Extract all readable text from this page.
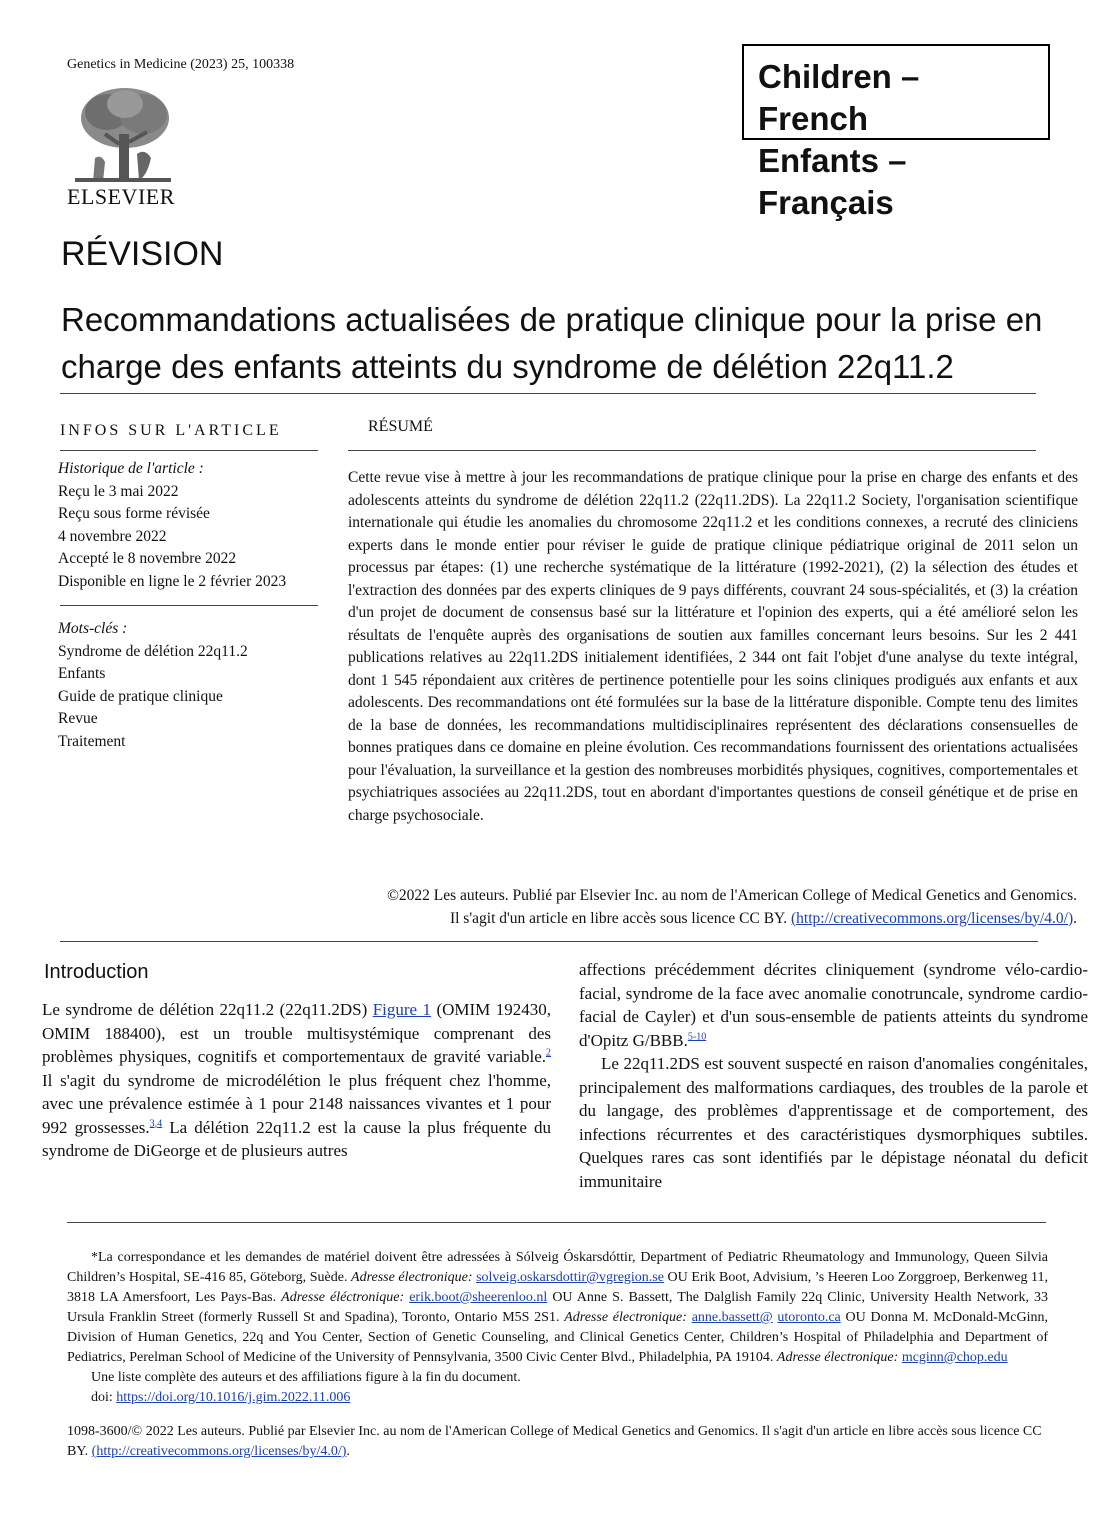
Genetics in Medicine (2023) 25, 100338
ELSEVIER
Children – French
Enfants – Français
RÉVISION
Recommandations actualisées de pratique clinique pour la prise en charge des enfants atteints du syndrome de délétion 22q11.2
INFOS SUR L'ARTICLE	RÉSUMÉ
Historique de l'article :
Reçu le 3 mai 2022
Reçu sous forme révisée
4 novembre 2022
Accepté le 8 novembre 2022
Disponible en ligne le 2 février 2023
Mots-clés :
Syndrome de délétion 22q11.2
Enfants
Guide de pratique clinique
Revue
Traitement
Cette revue vise à mettre à jour les recommandations de pratique clinique pour la prise en charge des enfants et des adolescents atteints du syndrome de délétion 22q11.2 (22q11.2DS). La 22q11.2 Society, l'organisation scientifique internationale qui étudie les anomalies du chromosome 22q11.2 et les conditions connexes, a recruté des cliniciens experts dans le monde entier pour réviser le guide de pratique clinique pédiatrique original de 2011 selon un processus par étapes: (1) une recherche systématique de la littérature (1992-2021), (2) la sélection des études et l'extraction des données par des experts cliniques de 9 pays différents, couvrant 24 sous-spécialités, et (3) la création d'un projet de document de consensus basé sur la littérature et l'opinion des experts, qui a été amélioré selon les résultats de l'enquête auprès des organisations de soutien aux familles concernant leurs besoins. Sur les 2 441 publications relatives au 22q11.2DS initialement identifiées, 2 344 ont fait l'objet d'une analyse du texte intégral, dont 1 545 répondaient aux critères de pertinence potentielle pour les soins cliniques prodigués aux enfants et aux adolescents. Des recommandations ont été formulées sur la base de la littérature disponible. Compte tenu des limites de la base de données, les recommandations multidisciplinaires représentent des déclarations consensuelles de bonnes pratiques dans ce domaine en pleine évolution. Ces recommandations fournissent des orientations actualisées pour l'évaluation, la surveillance et la gestion des nombreuses morbidités physiques, cognitives, comportementales et psychiatriques associées au 22q11.2DS, tout en abordant d'importantes questions de conseil génétique et de prise en charge psychosociale.
©2022 Les auteurs. Publié par Elsevier Inc. au nom de l'American College of Medical Genetics and Genomics.
Il s'agit d'un article en libre accès sous licence CC BY. (http://creativecommons.org/licenses/by/4.0/).
Introduction
Le syndrome de délétion 22q11.2 (22q11.2DS) Figure 1 (OMIM 192430, OMIM 188400), est un trouble multisystémique comprenant des problèmes physiques, cognitifs et comportementaux de gravité variable.$^2$ Il s'agit du syndrome de microdélétion le plus fréquent chez l'homme, avec une prévalence estimée à 1 pour 2148 naissances vivantes et 1 pour 992 grossesses.$^{3,4}$ La délétion 22q11.2 est la cause la plus fréquente du syndrome de DiGeorge et de plusieurs autres

affections précédemment décrites cliniquement (syndrome vélo-cardio-facial, syndrome de la face avec anomalie conotruncale, syndrome cardio-facial de Cayler) et d'un sous-ensemble de patients atteints du syndrome d'Opitz G/BBB.$^{5-10}$

Le 22q11.2DS est souvent suspecté en raison d'anomalies congénitales, principalement des malformations cardiaques, des troubles de la parole et du langage, des problèmes d'apprentissage et de comportement, des infections récurrentes et des caractéristiques dysmorphiques subtiles. Quelques rares cas sont identifiés par le dépistage néonatal du deficit immunitaire

*La correspondance et les demandes de matériel doivent être adressées à Sólveig Óskarsdóttir, Department of Pediatric Rheumatology and Immunology, Queen Silvia Children’s Hospital, SE-416 85, Göteborg, Suède. Adresse électronique: solveig.oskarsdottir@vgregion.se OU Erik Boot, Advisium, ’s Heeren Loo Zorggroep, Berkenweg 11, 3818 LA Amersfoort, Les Pays-Bas. Adresse éléctronique: erik.boot@sheerenloo.nl OU Anne S. Bassett, The Dalglish Family 22q Clinic, University Health Network, 33 Ursula Franklin Street (formerly Russell St and Spadina), Toronto, Ontario M5S 2S1. Adresse électronique: anne.bassett@ utoronto.ca OU Donna M. McDonald-McGinn, Division of Human Genetics, 22q and You Center, Section of Genetic Counseling, and Clinical Genetics Center, Children’s Hospital of Philadelphia and Department of Pediatrics, Perelman School of Medicine of the University of Pennsylvania, 3500 Civic Center Blvd., Philadelphia, PA 19104. Adresse électronique: mcginn@chop.edu

Une liste complète des auteurs et des affiliations figure à la fin du document.

doi: https://doi.org/10.1016/j.gim.2022.11.006

1098-3600/© 2022 Les auteurs. Publié par Elsevier Inc. au nom de l'American College of Medical Genetics and Genomics. Il s'agit d'un article en libre accès sous licence CC BY. (http://creativecommons.org/licenses/by/4.0/).
